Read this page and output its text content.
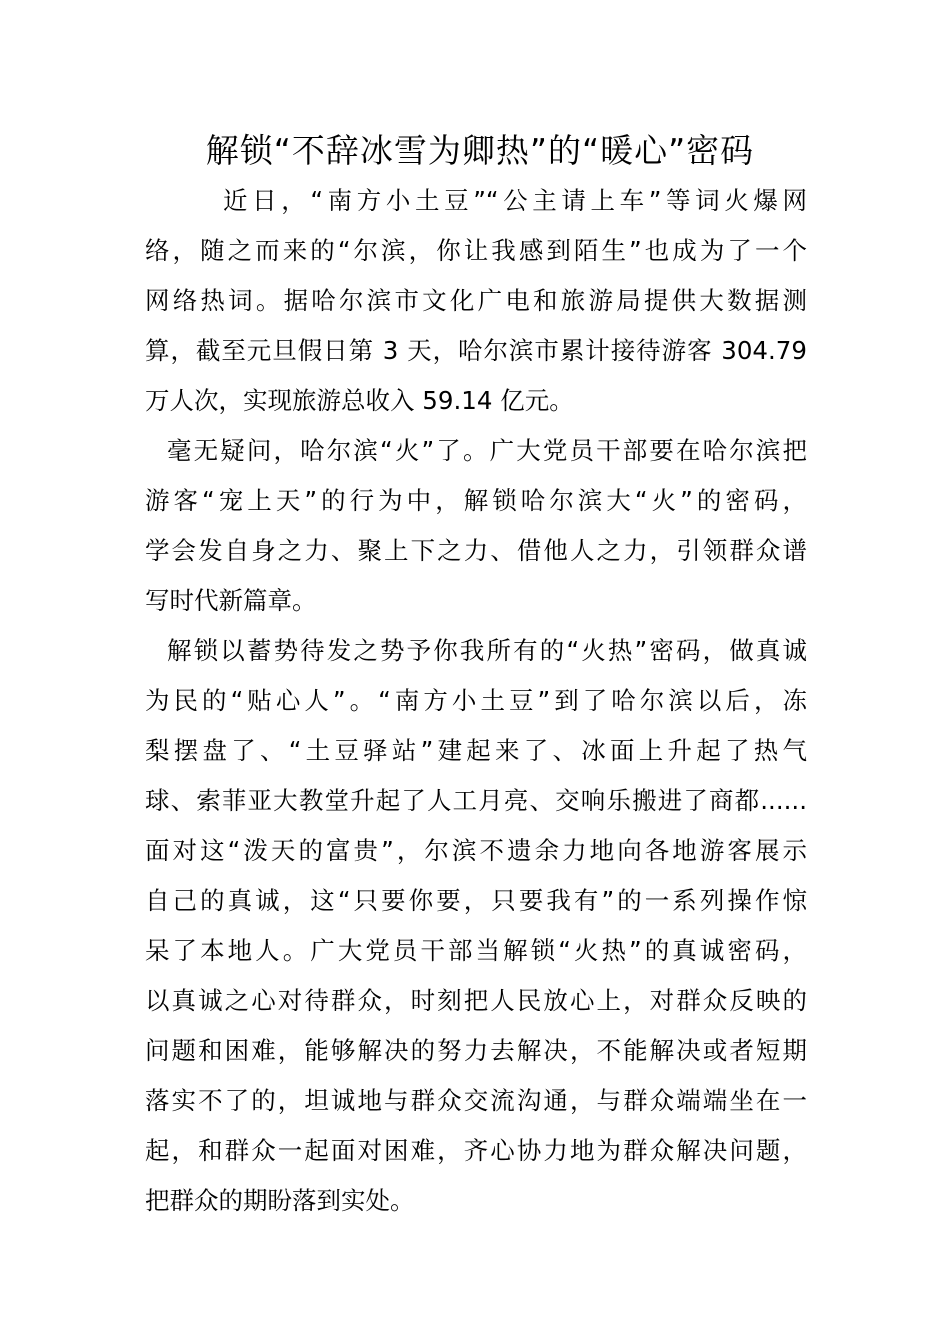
解锁“不辞冰雪为卿热”的“暖心”密码
近日，“南方小土豆”“公主请上车”等词火爆网
络，随之而来的“尔滨，你让我感到陌生”也成为了一个
网络热词。据哈尔滨市文化广电和旅游局提供大数据测
算，截至元旦假日第 3 天，哈尔滨市累计接待游客 304.79
万人次，实现旅游总收入 59.14 亿元。
毫无疑问，哈尔滨“火”了。广大党员干部要在哈尔滨把
游客“宠上天”的行为中，解锁哈尔滨大“火”的密码，
学会发自身之力、聚上下之力、借他人之力，引领群众谱
写时代新篇章。
解锁以蓄势待发之势予你我所有的“火热”密码，做真诚
为民的“贴心人”。“南方小土豆”到了哈尔滨以后，冻
梨摆盘了、“土豆驿站”建起来了、冰面上升起了热气
球、索菲亚大教堂升起了人工月亮、交响乐搬进了商都......
面对这“泼天的富贵”，尔滨不遗余力地向各地游客展示
自己的真诚，这“只要你要，只要我有”的一系列操作惊
呆了本地人。广大党员干部当解锁“火热”的真诚密码，
以真诚之心对待群众，时刻把人民放心上，对群众反映的
问题和困难，能够解决的努力去解决，不能解决或者短期
落实不了的，坦诚地与群众交流沟通，与群众端端坐在一
起，和群众一起面对困难，齐心协力地为群众解决问题，
把群众的期盼落到实处。
